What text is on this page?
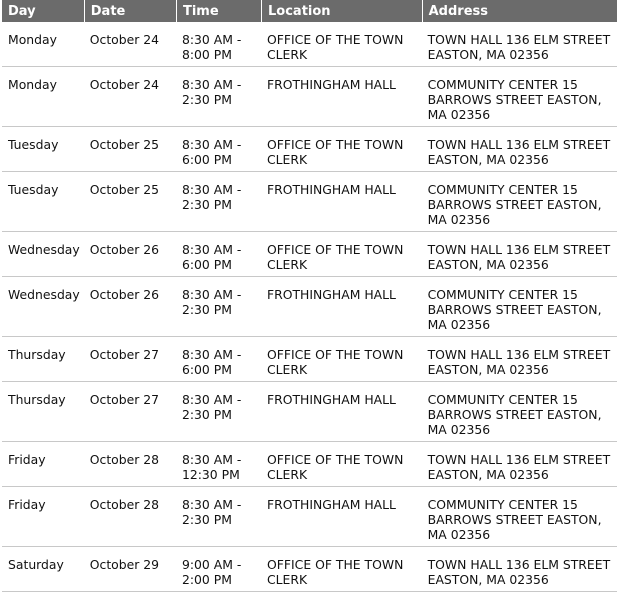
Day	Date	Time	Location	Address
Monday	October 24	8:30 AM - 8:00 PM	OFFICE OF THE TOWN CLERK	TOWN HALL 136 ELM STREET EASTON, MA 02356
Monday	October 24	8:30 AM - 2:30 PM	FROTHINGHAM HALL	COMMUNITY CENTER 15 BARROWS STREET EASTON, MA 02356
Tuesday	October 25	8:30 AM - 6:00 PM	OFFICE OF THE TOWN CLERK	TOWN HALL 136 ELM STREET EASTON, MA 02356
Tuesday	October 25	8:30 AM - 2:30 PM	FROTHINGHAM HALL	COMMUNITY CENTER 15 BARROWS STREET EASTON, MA 02356
Wednesday	October 26	8:30 AM - 6:00 PM	OFFICE OF THE TOWN CLERK	TOWN HALL 136 ELM STREET EASTON, MA 02356
Wednesday	October 26	8:30 AM - 2:30 PM	FROTHINGHAM HALL	COMMUNITY CENTER 15 BARROWS STREET EASTON, MA 02356
Thursday	October 27	8:30 AM - 6:00 PM	OFFICE OF THE TOWN CLERK	TOWN HALL 136 ELM STREET EASTON, MA 02356
Thursday	October 27	8:30 AM - 2:30 PM	FROTHINGHAM HALL	COMMUNITY CENTER 15 BARROWS STREET EASTON, MA 02356
Friday	October 28	8:30 AM - 12:30 PM	OFFICE OF THE TOWN CLERK	TOWN HALL 136 ELM STREET EASTON, MA 02356
Friday	October 28	8:30 AM - 2:30 PM	FROTHINGHAM HALL	COMMUNITY CENTER 15 BARROWS STREET EASTON, MA 02356
Saturday	October 29	9:00 AM - 2:00 PM	OFFICE OF THE TOWN CLERK	TOWN HALL 136 ELM STREET EASTON, MA 02356
